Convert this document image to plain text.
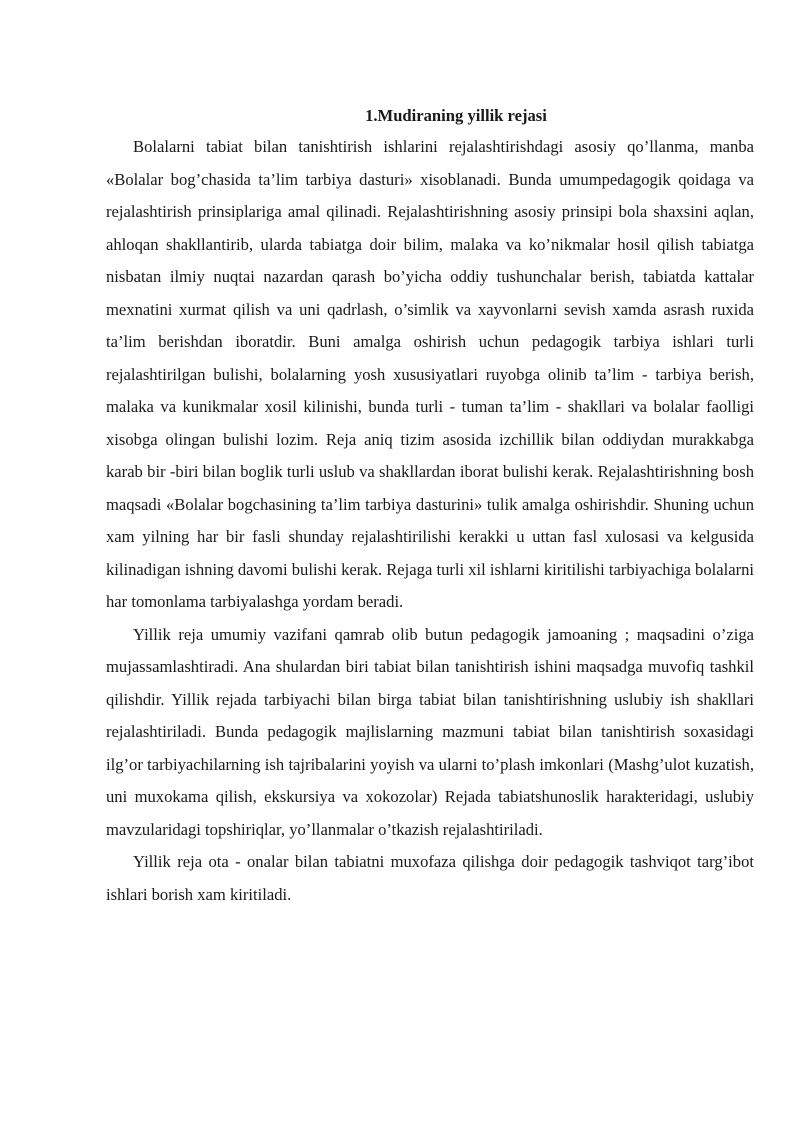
1.Mudiraning yillik rejasi

Bolalarni tabiat bilan tanishtirish ishlarini rejalashtirishdagi asosiy qo’llanma, manba «Bolalar bog’chasida ta’lim tarbiya dasturi» xisoblanadi. Bunda umumpedagogik qoidaga va rejalashtirish prinsiplariga amal qilinadi. Rejalashtirishning asosiy prinsipi bola shaxsini aqlan, ahloqan shakllantirib, ularda tabiatga doir bilim, malaka va ko’nikmalar hosil qilish tabiatga nisbatan ilmiy nuqtai nazardan qarash bo’yicha oddiy tushunchalar berish, tabiatda kattalar mexnatini xurmat qilish va uni qadrlash, o’simlik va xayvonlarni sevish xamda asrash ruxida ta’lim berishdan iboratdir. Buni amalga oshirish uchun pedagogik tarbiya ishlari turli rejalashtirilgan bulishi, bolalarning yosh xususiyatlari ruyobga olinib ta’lim - tarbiya berish, malaka va kunikmalar xosil kilinishi, bunda turli - tuman ta’lim - shakllari va bolalar faolligi xisobga olingan bulishi lozim. Reja aniq tizim asosida izchillik bilan oddiydan murakkabga karab bir -biri bilan boglik turli uslub va shakllardan iborat bulishi kerak. Rejalashtirishning bosh maqsadi «Bolalar bogchasining ta’lim tarbiya dasturini» tulik amalga oshirishdir. Shuning uchun xam yilning har bir fasli shunday rejalashtirilishi kerakki u uttan fasl xulosasi va kelgusida kilinadigan ishning davomi bulishi kerak. Rejaga turli xil ishlarni kiritilishi tarbiyachiga bolalarni har tomonlama tarbiyalashga yordam beradi.

Yillik reja umumiy vazifani qamrab olib butun pedagogik jamoaning ; maqsadini o’ziga mujassamlashtiradi. Ana shulardan biri tabiat bilan tanishtirish ishini maqsadga muvofiq tashkil qilishdir. Yillik rejada tarbiyachi bilan birga tabiat bilan tanishtirishning uslubiy ish shakllari rejalashtiriladi. Bunda pedagogik majlislarning mazmuni tabiat bilan tanishtirish soxasidagi ilg’or tarbiyachilarning ish tajribalarini yoyish va ularni to’plash imkonlari (Mashg’ulot kuzatish, uni muxokama qilish, ekskursiya va xokozolar) Rejada tabiatshunoslik harakteridagi, uslubiy mavzularidagi topshiriqlar, yo’llanmalar o’tkazish rejalashtiriladi.

Yillik reja ota - onalar bilan tabiatni muxofaza qilishga doir pedagogik tashviqot targ’ibot ishlari borish xam kiritiladi.
